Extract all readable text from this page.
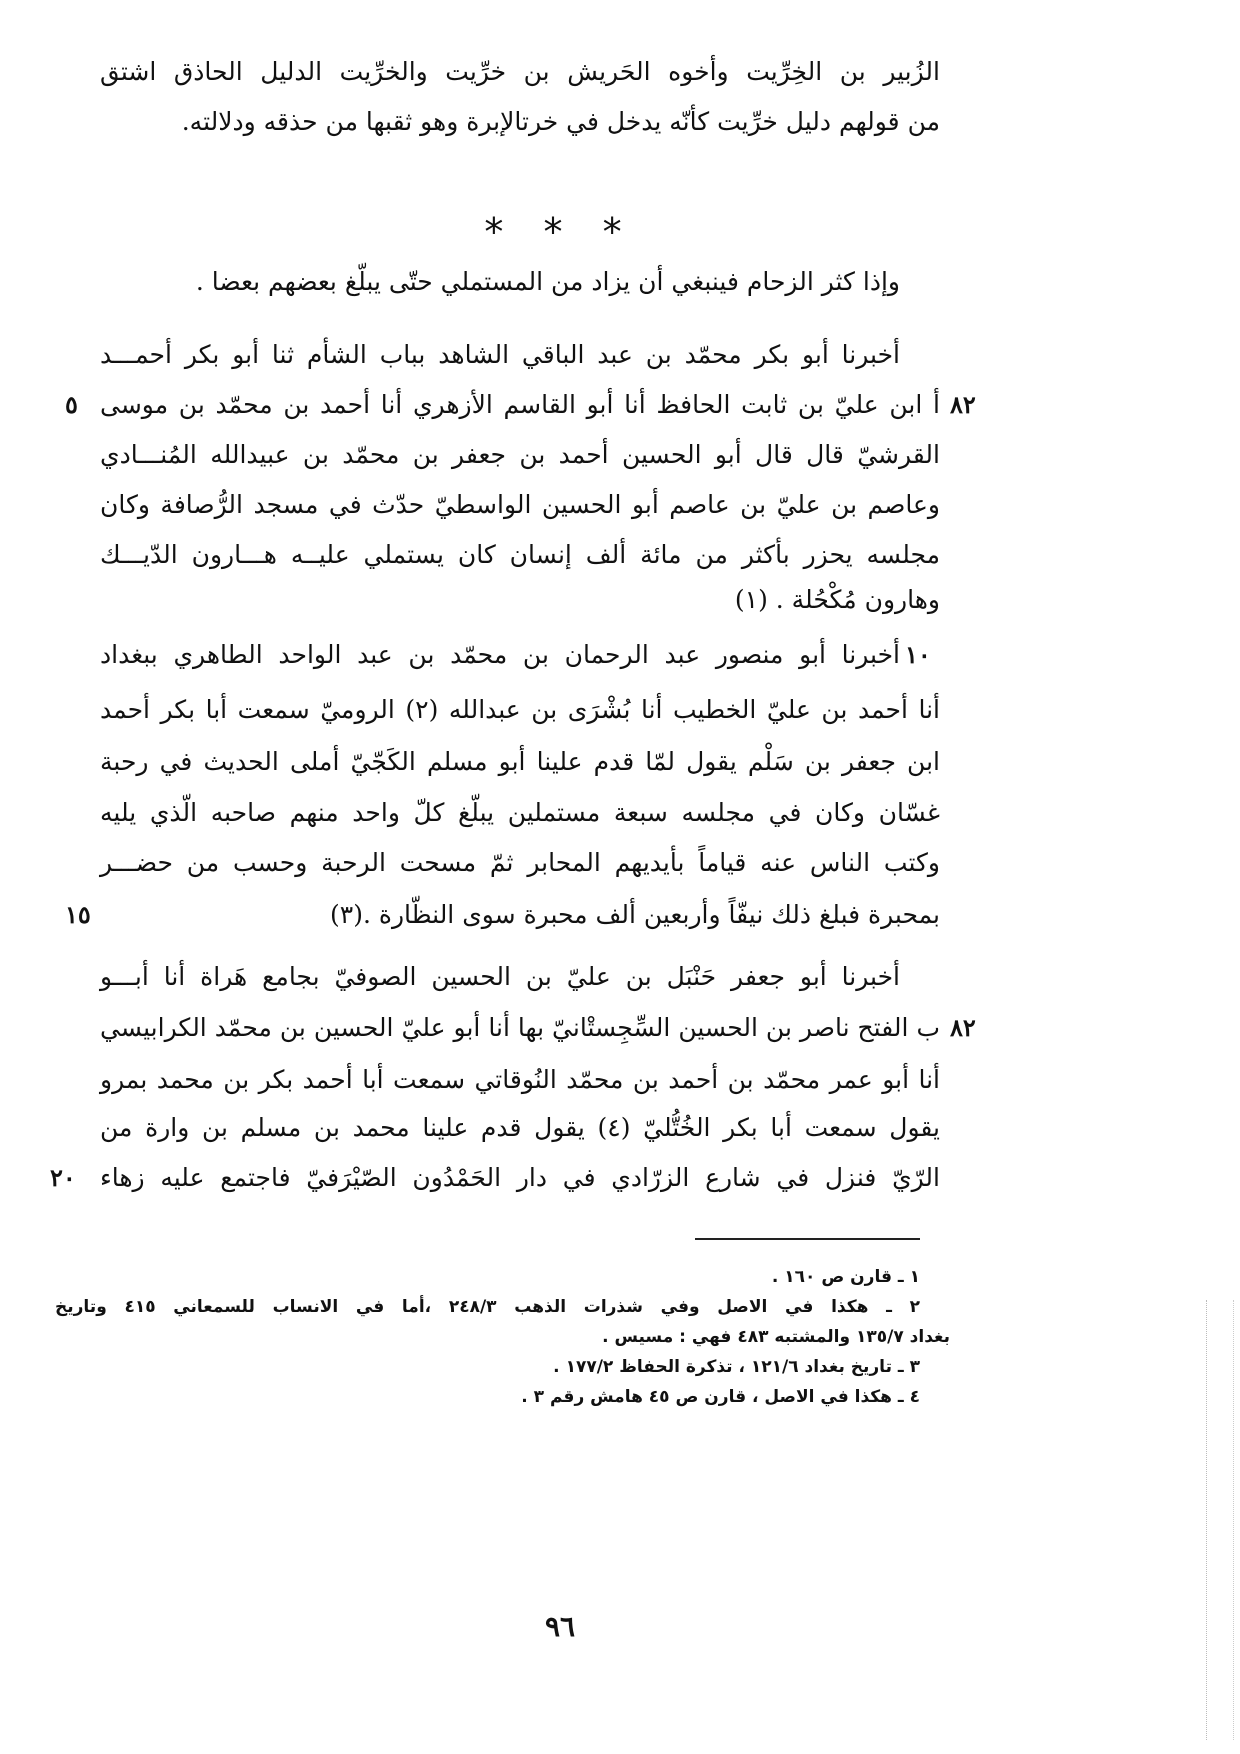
الزُبير بن الخِرِّيت وأخوه الحَريش بن خرِّيت والخرِّيت الدليل الحاذق اشتق
من قولهم دليل خرِّيت كأنّه يدخل في خرتالإبرة وهو ثقبها من حذقه ودلالته.
* * *
وإذا كثر الزحام فينبغي أن يزاد من المستملي حتّى يبلّغ بعضهم بعضا .
أخبرنا أبو بكر محمّد بن عبد الباقي الشاهد بباب الشأم ثنا أبو بكر أحمـــد
أ ابن عليّ بن ثابت الحافظ أنا أبو القاسم الأزهري أنا أحمد بن محمّد بن موسى
القرشيّ قال قال أبو الحسين أحمد بن جعفر بن محمّد بن عبيدالله المُنـــادي
وعاصم بن عليّ بن عاصم أبو الحسين الواسطيّ حدّث في مسجد الرُّصافة وكان
مجلسه يحزر بأكثر من مائة ألف إنسان كان يستملي عليــه هـــارون الدّيـــك
وهارون مُكْحُلة . (١)
أخبرنا أبو منصور عبد الرحمان بن محمّد بن عبد الواحد الطاهري ببغداد
أنا أحمد بن عليّ الخطيب أنا بُشْرَى بن عبدالله (٢) الروميّ سمعت أبا بكر أحمد
ابن جعفر بن سَلْم يقول لمّا قدم علينا أبو مسلم الكَجّيّ أملى الحديث في رحبة
غسّان وكان في مجلسه سبعة مستملين يبلّغ كلّ واحد منهم صاحبه الّذي يليه
وكتب الناس عنه قياماً بأيديهم المحابر ثمّ مسحت الرحبة وحسب من حضـــر
بمحبرة فبلغ ذلك نيفّاً وأربعين ألف محبرة سوى النظّارة .(٣)
أخبرنا أبو جعفر حَنْبَل بن عليّ بن الحسين الصوفيّ بجامع هَراة أنا أبـــو
ب الفتح ناصر بن الحسين السِّجِستْانيّ بها أنا أبو عليّ الحسين بن محمّد الكرابيسي
أنا أبو عمر محمّد بن أحمد بن محمّد النُوقاتي سمعت أبا أحمد بكر بن محمد بمرو
يقول سمعت أبا بكر الخُتُّليّ (٤) يقول قدم علينا محمد بن مسلم بن وارة من
الرّيّ فنزل في شارع الزرّادي في دار الحَمْدُون الصّيْرَفيّ فاجتمع عليه زهاء
٨٢
٥
١٠
١٥
٨٢
٢٠
١ ـ قارن ص ١٦٠ .
٢ ـ هكذا في الاصل وفي شذرات الذهب ٢٤٨/٣ ،أما في الانساب للسمعاني ٤١٥ وتاريخ
بغداد ١٣٥/٧ والمشتبه ٤٨٣ فهي : مسيس .
٣ ـ تاريخ بغداد ١٢١/٦ ، تذكرة الحفاظ ١٧٧/٢ .
٤ ـ هكذا في الاصل ، قارن ص ٤٥ هامش رقم ٣ .
٩٦
